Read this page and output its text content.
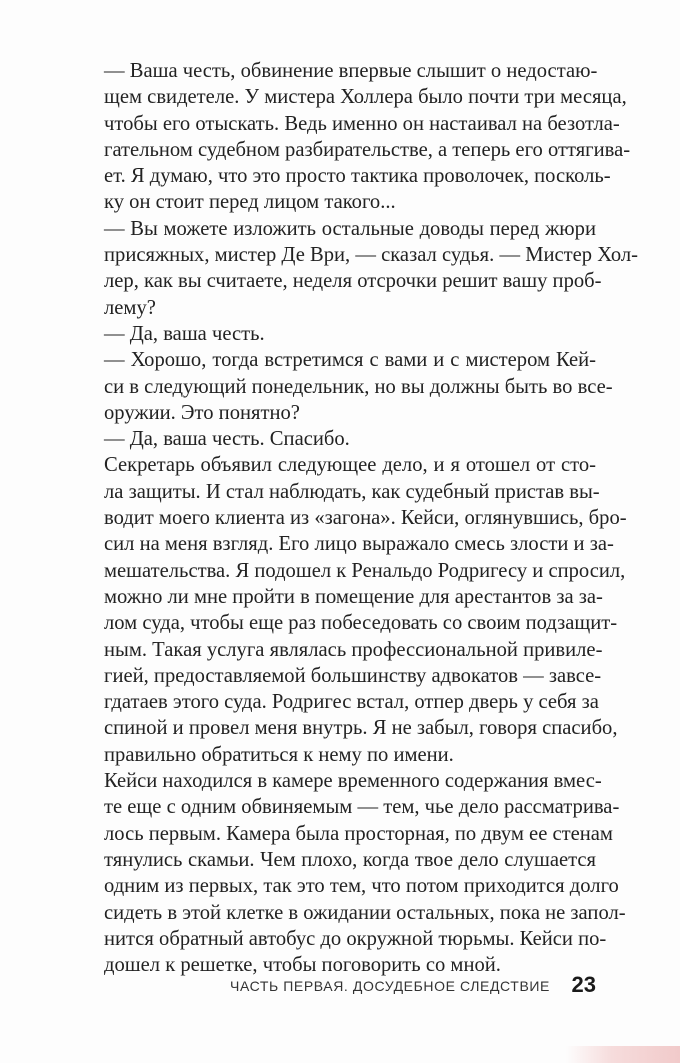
— Ваша честь, обвинение впервые слышит о недостаю-
щем свидетеле. У мистера Холлера было почти три месяца,
чтобы его отыскать. Ведь именно он настаивал на безотла-
гательном судебном разбирательстве, а теперь его оттягива-
ет. Я думаю, что это просто тактика проволочек, посколь-
ку он стоит перед лицом такого...
— Вы можете изложить остальные доводы перед жюри
присяжных, мистер Де Ври, — сказал судья. — Мистер Хол-
лер, как вы считаете, неделя отсрочки решит вашу проб-
лему?
— Да, ваша честь.
— Хорошо, тогда встретимся с вами и с мистером Кей-
си в следующий понедельник, но вы должны быть во все-
оружии. Это понятно?
— Да, ваша честь. Спасибо.
Секретарь объявил следующее дело, и я отошел от сто-
ла защиты. И стал наблюдать, как судебный пристав вы-
водит моего клиента из «загона». Кейси, оглянувшись, бро-
сил на меня взгляд. Его лицо выражало смесь злости и за-
мешательства. Я подошел к Ренальдо Родригесу и спросил,
можно ли мне пройти в помещение для арестантов за за-
лом суда, чтобы еще раз побеседовать со своим подзащит-
ным. Такая услуга являлась профессиональной привиле-
гией, предоставляемой большинству адвокатов — завсе-
гдатаев этого суда. Родригес встал, отпер дверь у себя за
спиной и провел меня внутрь. Я не забыл, говоря спасибо,
правильно обратиться к нему по имени.
Кейси находился в камере временного содержания вмес-
те еще с одним обвиняемым — тем, чье дело рассматрива-
лось первым. Камера была просторная, по двум ее стенам
тянулись скамьи. Чем плохо, когда твое дело слушается
одним из первых, так это тем, что потом приходится долго
сидеть в этой клетке в ожидании остальных, пока не запол-
нится обратный автобус до окружной тюрьмы. Кейси по-
дошел к решетке, чтобы поговорить со мной.
ЧАСТЬ ПЕРВАЯ. ДОСУДЕБНОЕ СЛЕДСТВИЕ 23
